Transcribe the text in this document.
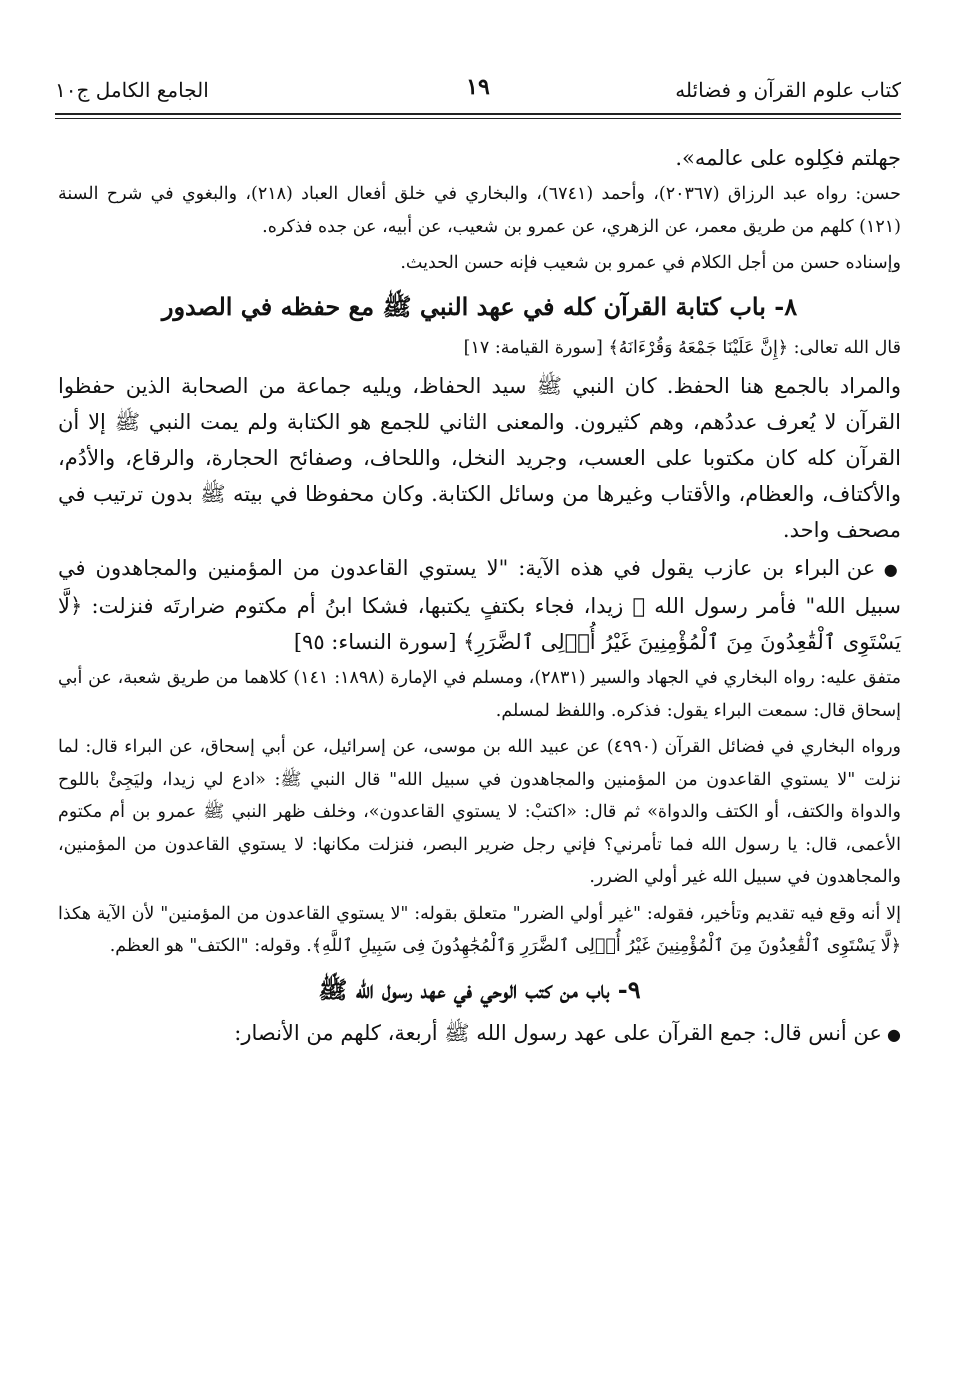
كتاب علوم القرآن و فضائله
١٩
الجامع الكامل ج١٠

جهلتم فكِلوه على عالمه».

حسن: رواه عبد الرزاق (٢٠٣٦٧)، وأحمد (٦٧٤١)، والبخاري في خلق أفعال العباد (٢١٨)، والبغوي في شرح السنة (١٢١) كلهم من طريق معمر، عن الزهري، عن عمرو بن شعيب، عن أبيه، عن جده فذكره.

وإسناده حسن من أجل الكلام في عمرو بن شعيب فإنه حسن الحديث.

٨- باب كتابة القرآن كله في عهد النبي ﷺ مع حفظه في الصدور

قال الله تعالى: ﴿إِنَّ عَلَيْنَا جَمْعَهُ وَقُرْءَانَهُ﴾ [سورة القيامة: ١٧]

والمراد بالجمع هنا الحفظ. كان النبي ﷺ سيد الحفاظ، ويليه جماعة من الصحابة الذين حفظوا القرآن لا يُعرف عددُهم، وهم كثيرون. والمعنى الثاني للجمع هو الكتابة ولم يمت النبي ﷺ إلا أن القرآن كله كان مكتوبا على العسب، وجريد النخل، واللحاف، وصفائح الحجارة، والرقاع، والأدُم، والأكتاف، والعظام، والأقتاب وغيرها من وسائل الكتابة. وكان محفوظا في بيته ﷺ بدون ترتيب في مصحف واحد.

● عن البراء بن عازب يقول في هذه الآية: "لا يستوي القاعدون من المؤمنين والمجاهدون في سبيل الله" فأمر رسول الله ﷺ زيدا، فجاء بكتفٍ يكتبها، فشكا ابنُ أم مكتوم ضرارتَه فنزلت: ﴿لَّا يَسْتَوِى ٱلْقَٰعِدُونَ مِنَ ٱلْمُؤْمِنِينَ غَيْرُ أُو۟لِى ٱلضَّرَرِ﴾ [سورة النساء: ٩٥]

متفق عليه: رواه البخاري في الجهاد والسير (٢٨٣١)، ومسلم في الإمارة (١٨٩٨: ١٤١) كلاهما من طريق شعبة، عن أبي إسحاق قال: سمعت البراء يقول: فذكره. واللفظ لمسلم.

ورواه البخاري في فضائل القرآن (٤٩٩٠) عن عبيد الله بن موسى، عن إسرائيل، عن أبي إسحاق، عن البراء قال: لما نزلت "لا يستوي القاعدون من المؤمنين والمجاهدون في سبيل الله" قال النبي ﷺ: «ادع لي زيدا، وليَجِئْ باللوح والدواة والكتف، أو الكتف والدواة» ثم قال: «اكتبْ: لا يستوي القاعدون»، وخلف ظهر النبي ﷺ عمرو بن أم مكتوم الأعمى، قال: يا رسول الله فما تأمرني؟ فإني رجل ضرير البصر، فنزلت مكانها: لا يستوي القاعدون من المؤمنين، والمجاهدون في سبيل الله غير أولي الضرر.

إلا أنه وقع فيه تقديم وتأخير، فقوله: "غير أولي الضرر" متعلق بقوله: "لا يستوي القاعدون من المؤمنين" لأن الآية هكذا ﴿لَّا يَسْتَوِى ٱلْقَٰعِدُونَ مِنَ ٱلْمُؤْمِنِينَ غَيْرُ أُو۟لِى ٱلضَّرَرِ وَٱلْمُجَٰهِدُونَ فِى سَبِيلِ ٱللَّهِ﴾. وقوله: "الكتف" هو العظم.

٩- باب من كتب الوحي في عهد رسول الله ﷺ

● عن أنس قال: جمع القرآن على عهد رسول الله ﷺ أربعة، كلهم من الأنصار:
